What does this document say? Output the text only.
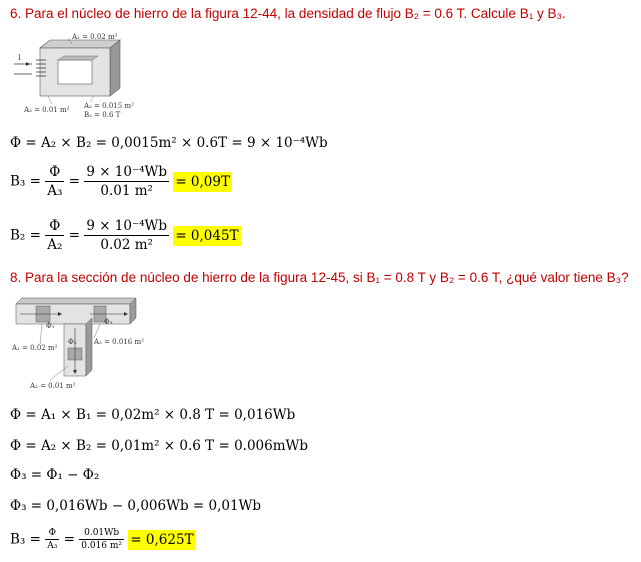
6. Para el núcleo de hierro de la figura 12-44, la densidad de flujo B₂ = 0.6 T. Calcule B₁ y B₃.
I
A₁ = 0.02 m²
A₃ = 0.01 m² A₂ = 0.015 m²
B₂ = 0.6 T
Φ = A₂ × B₂ = 0,0015m² × 0.6T = 9 × 10⁻⁴Wb
$B_3 = \frac{\Phi}{\text{A₃}} = \frac{\text{9 × 10⁻⁴Wb}}{\text{0.01 m²}} = 0,09T$
$B_2 = \frac{\Phi}{\text{A₂}} = \frac{\text{9 × 10⁻⁴Wb}}{\text{0.02 m²}} = 0,045T$
8. Para la sección de núcleo de hierro de la figura 12-45, si B₁ = 0.8 T y B₂ = 0.6 T, ¿qué valor tiene B₃?
Φ₁
Φ₂
Φ₃
A₁ = 0.02 m²
A₃ = 0.016 m²
A₂ = 0.01 m²
Φ = A₁ × B₁ = 0,02m² × 0.8 T = 0,016Wb
Φ = A₂ × B₂ = 0,01m² × 0.6 T = 0.006mWb
Φ₃ = Φ₁ − Φ₂
Φ₃ = 0,016Wb − 0,006Wb = 0,01Wb
$B_3 = \frac{\Phi}{\text{A₃}} = \frac{0.01Wb}{\text{0.016 m²}} = 0,625T$
